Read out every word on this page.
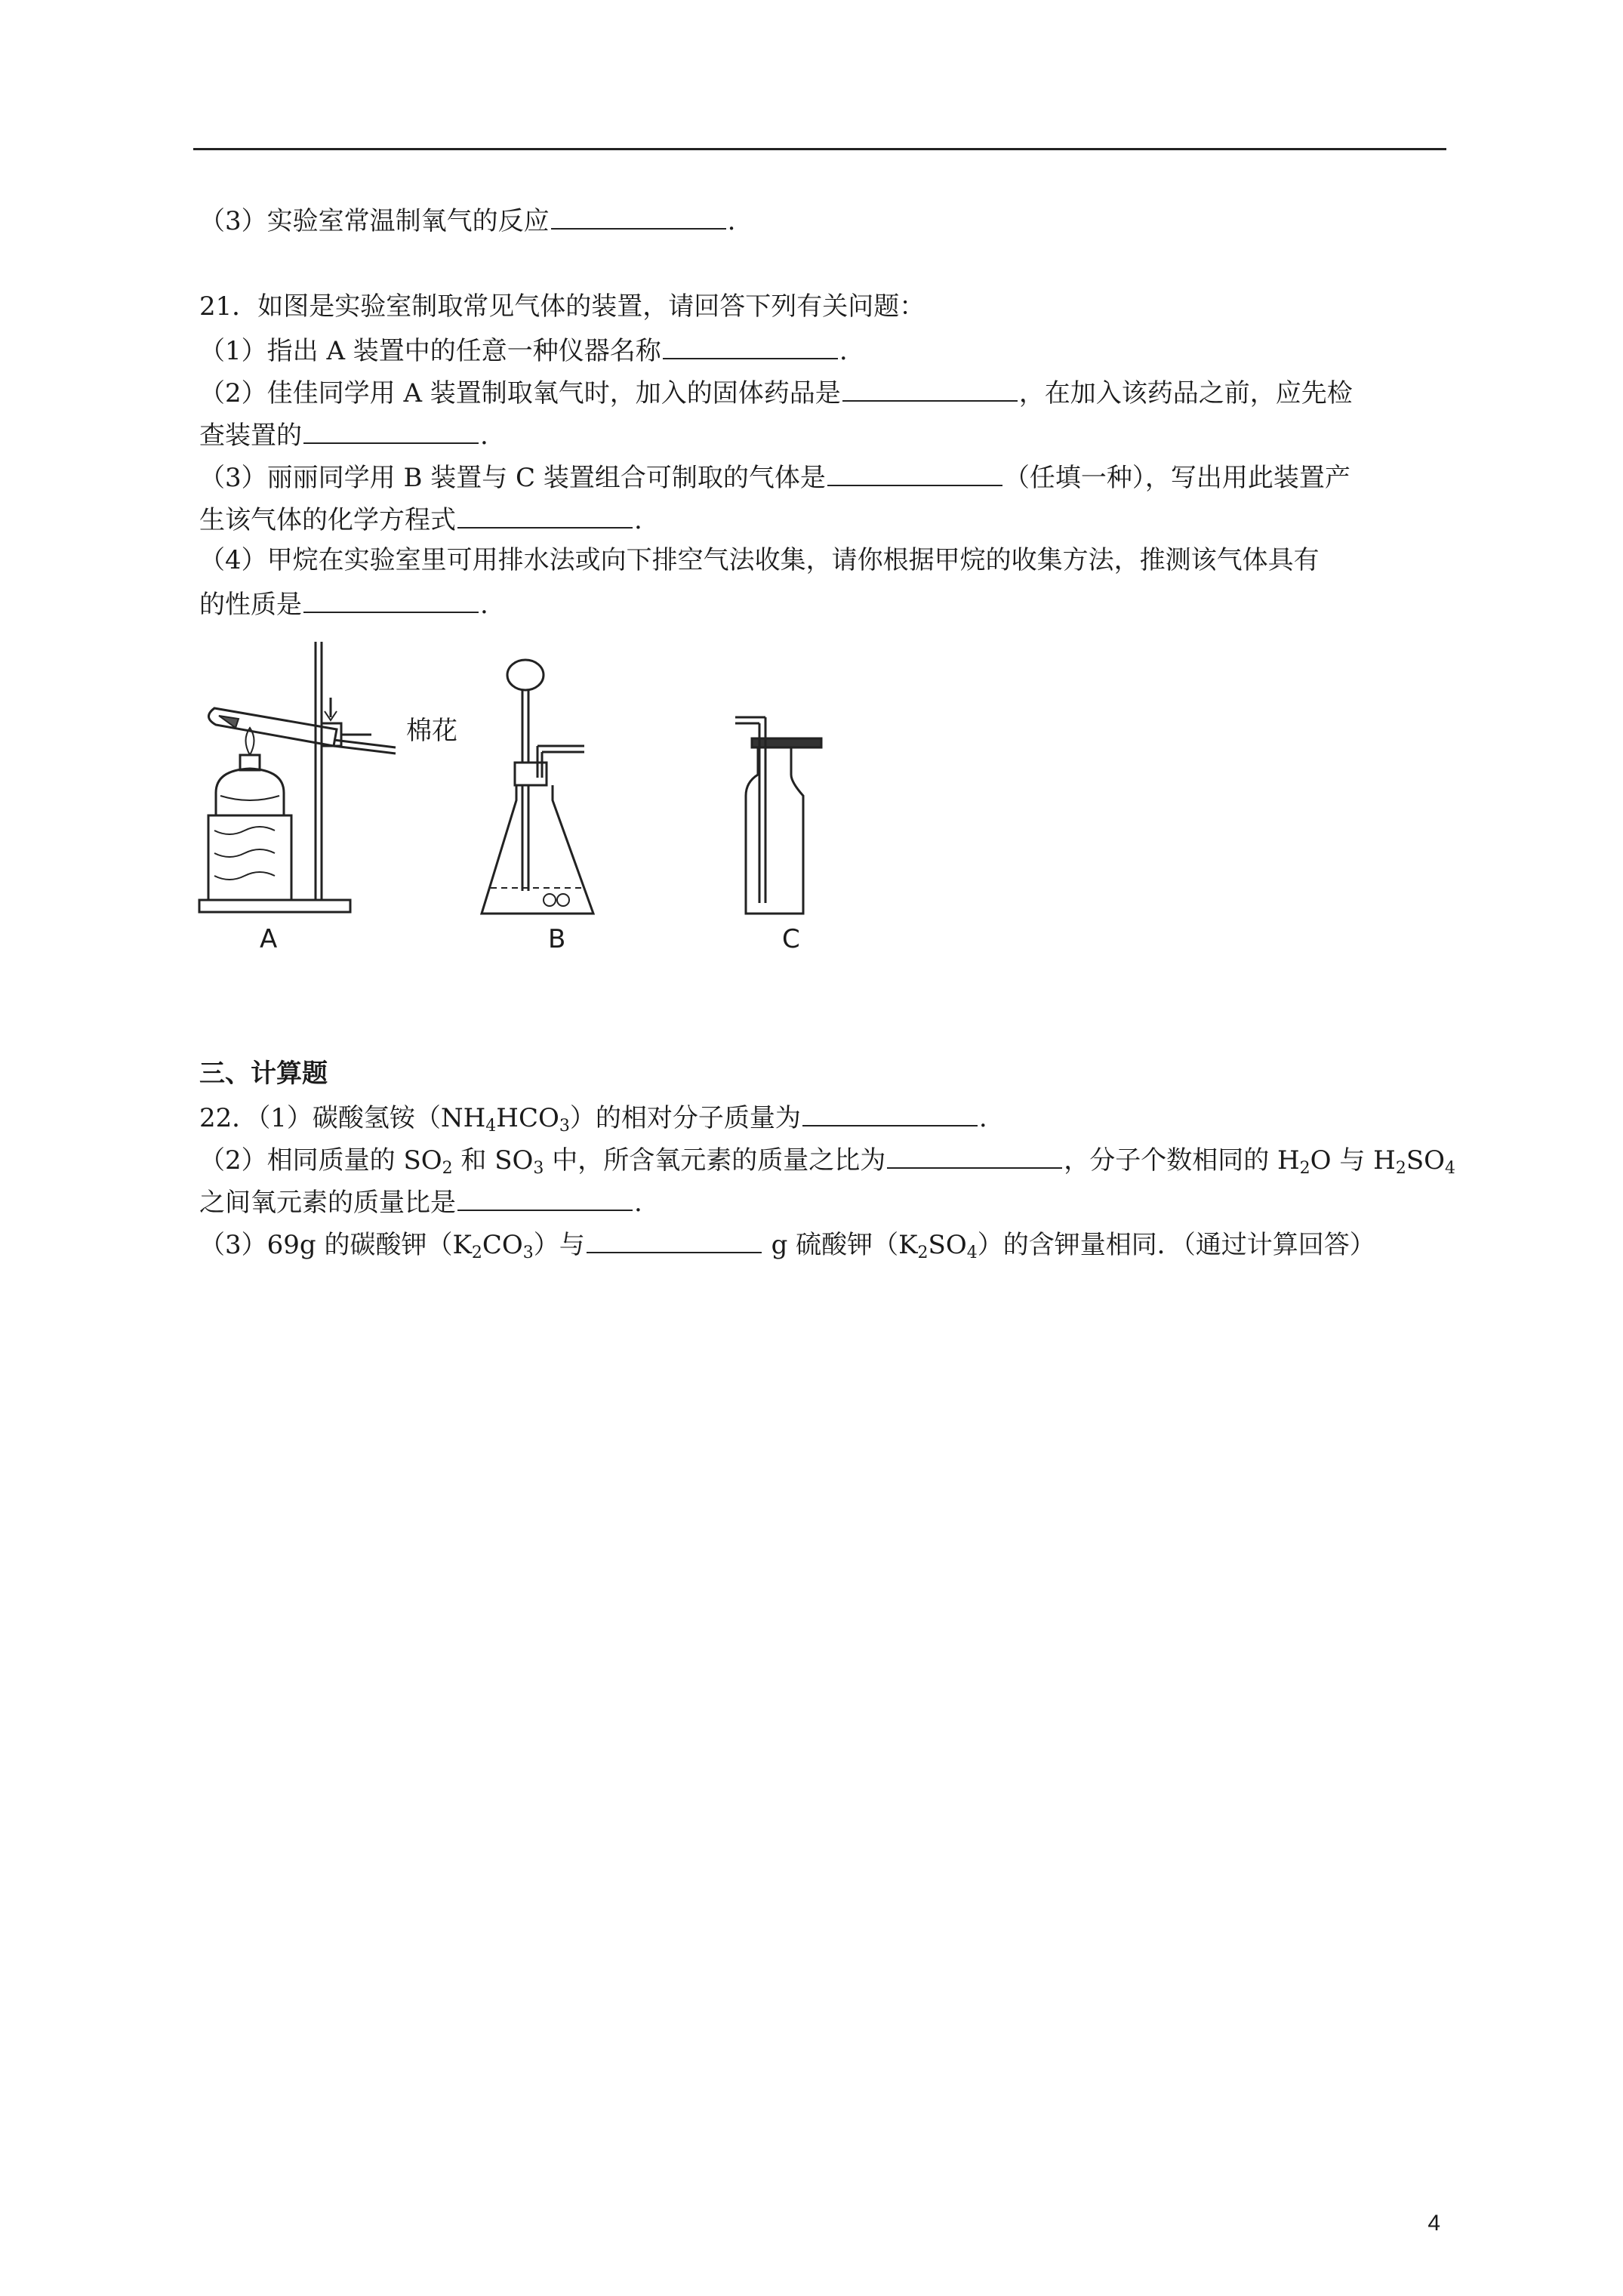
（3）实验室常温制氧气的反应	.
21．如图是实验室制取常见气体的装置，请回答下列有关问题：
（1）指出 A 装置中的任意一种仪器名称	.
（2）佳佳同学用 A 装置制取氧气时，加入的固体药品是	，在加入该药品之前，应先检
查装置的	.
（3）丽丽同学用 B 装置与 C 装置组合可制取的气体是	（任填一种），写出用此装置产
生该气体的化学方程式	.
（4）甲烷在实验室里可用排水法或向下排空气法收集，请你根据甲烷的收集方法，推测该气体具有
的性质是	.
棉花
A	B	C
三、计算题
22．（1）碳酸氢铵$(NH_4HCO_3)$的相对分子质量为	.
（2）相同质量的 $SO_2$ 和 $SO_3$ 中，所含氧元素的质量之比为	，分子个数相同的 $H_2O$ 与 $H_2SO_4$
之间氧元素的质量比是	.
（3）69g 的碳酸钾$(K_2CO_3)$与	g 硫酸钾$(K_2SO_4)$的含钾量相同．（通过计算回答）
4
